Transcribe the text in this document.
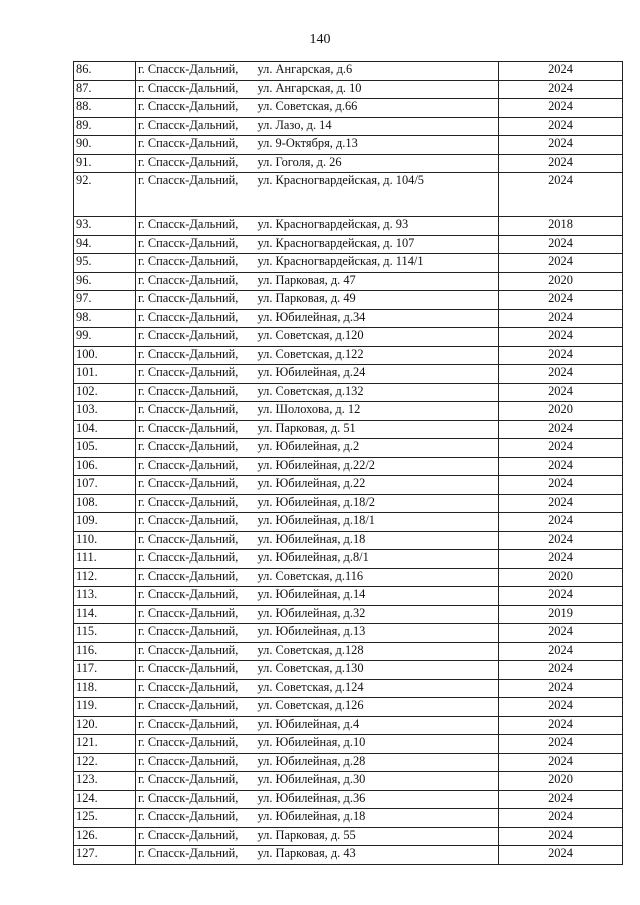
140
86.	г. Спасск-Дальний,	ул. Ангарская, д.6	2024
87.	г. Спасск-Дальний,	ул. Ангарская, д. 10	2024
88.	г. Спасск-Дальний,	ул. Советская, д.66	2024
89.	г. Спасск-Дальний,	ул. Лазо, д. 14	2024
90.	г. Спасск-Дальний,	ул. 9-Октября, д.13	2024
91.	г. Спасск-Дальний,	ул. Гоголя, д. 26	2024
92.	г. Спасск-Дальний,	ул. Красногвардейская, д. 104/5	2024
93.	г. Спасск-Дальний,	ул. Красногвардейская, д. 93	2018
94.	г. Спасск-Дальний,	ул. Красногвардейская, д. 107	2024
95.	г. Спасск-Дальний,	ул. Красногвардейская, д. 114/1	2024
96.	г. Спасск-Дальний,	ул. Парковая, д. 47	2020
97.	г. Спасск-Дальний,	ул. Парковая, д. 49	2024
98.	г. Спасск-Дальний,	ул. Юбилейная, д.34	2024
99.	г. Спасск-Дальний,	ул. Советская, д.120	2024
100.	г. Спасск-Дальний,	ул. Советская, д.122	2024
101.	г. Спасск-Дальний,	ул. Юбилейная, д.24	2024
102.	г. Спасск-Дальний,	ул. Советская, д.132	2024
103.	г. Спасск-Дальний,	ул. Шолохова, д. 12	2020
104.	г. Спасск-Дальний,	ул. Парковая, д. 51	2024
105.	г. Спасск-Дальний,	ул. Юбилейная, д.2	2024
106.	г. Спасск-Дальний,	ул. Юбилейная, д.22/2	2024
107.	г. Спасск-Дальний,	ул. Юбилейная, д.22	2024
108.	г. Спасск-Дальний,	ул. Юбилейная, д.18/2	2024
109.	г. Спасск-Дальний,	ул. Юбилейная, д.18/1	2024
110.	г. Спасск-Дальний,	ул. Юбилейная, д.18	2024
111.	г. Спасск-Дальний,	ул. Юбилейная, д.8/1	2024
112.	г. Спасск-Дальний,	ул. Советская, д.116	2020
113.	г. Спасск-Дальний,	ул. Юбилейная, д.14	2024
114.	г. Спасск-Дальний,	ул. Юбилейная, д.32	2019
115.	г. Спасск-Дальний,	ул. Юбилейная, д.13	2024
116.	г. Спасск-Дальний,	ул. Советская, д.128	2024
117.	г. Спасск-Дальний,	ул. Советская, д.130	2024
118.	г. Спасск-Дальний,	ул. Советская, д.124	2024
119.	г. Спасск-Дальний,	ул. Советская, д.126	2024
120.	г. Спасск-Дальний,	ул. Юбилейная, д.4	2024
121.	г. Спасск-Дальний,	ул. Юбилейная, д.10	2024
122.	г. Спасск-Дальний,	ул. Юбилейная, д.28	2024
123.	г. Спасск-Дальний,	ул. Юбилейная, д.30	2020
124.	г. Спасск-Дальний,	ул. Юбилейная, д.36	2024
125.	г. Спасск-Дальний,	ул. Юбилейная, д.18	2024
126.	г. Спасск-Дальний,	ул. Парковая, д. 55	2024
127.	г. Спасск-Дальний,	ул. Парковая, д. 43	2024
